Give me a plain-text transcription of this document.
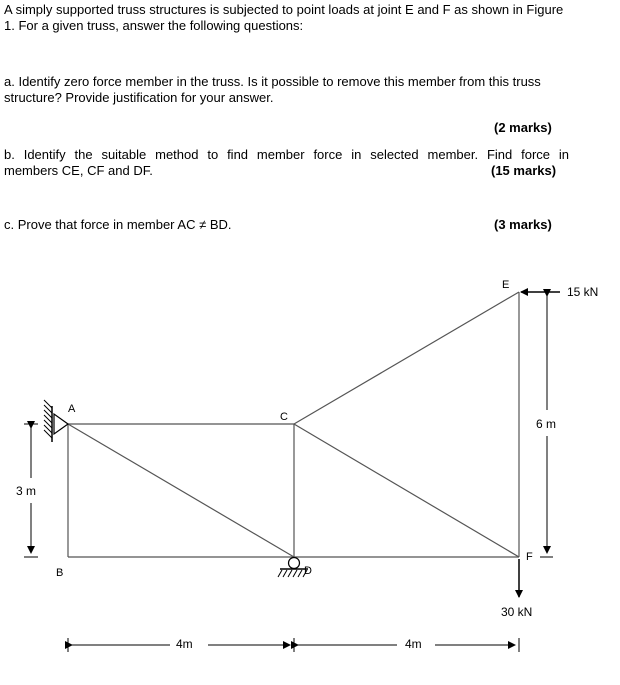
A simply supported truss structures is subjected to point loads at joint E and F as shown in Figure 1. For a given truss, answer the following questions:

a. Identify zero force member in the truss. Is it possible to remove this member from this truss structure? Provide justification for your answer.

(2 marks)

b. Identify the suitable method to find member force in selected member. Find force in

members CE, CF and DF.	(15 marks)

c. Prove that force in member AC ≠ BD.	(3 marks)

A
B
C
D
E
F
15 kN
30 kN
6 m
3 m
4m	4m
